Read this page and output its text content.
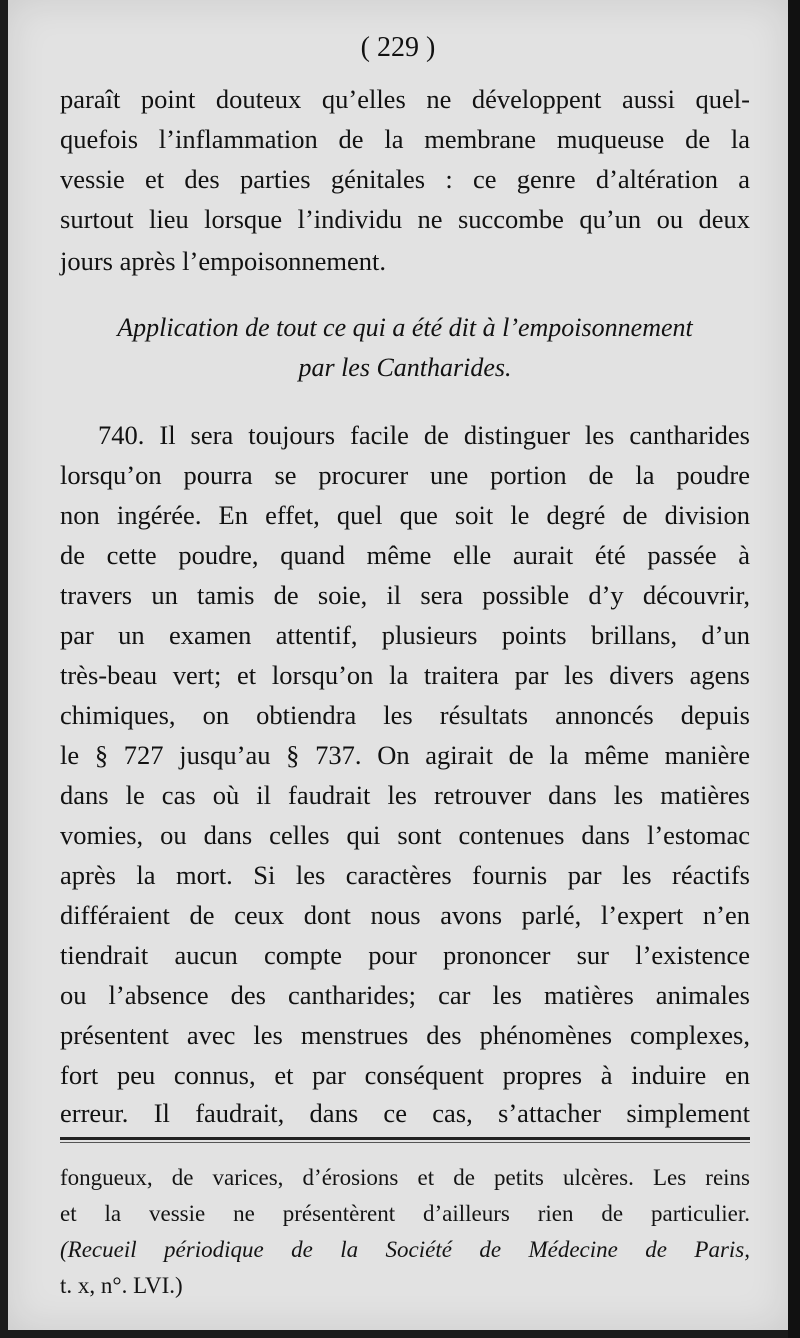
( 229 )
paraît point douteux qu’elles ne développent aussi quel-
quefois l’inflammation de la membrane muqueuse de la
vessie et des parties génitales : ce genre d’altération a
surtout lieu lorsque l’individu ne succombe qu’un ou deux
jours après l’empoisonnement.
Application de tout ce qui a été dit à l’empoisonnement
par les Cantharides.
740. Il sera toujours facile de distinguer les cantharides
lorsqu’on pourra se procurer une portion de la poudre
non ingérée. En effet, quel que soit le degré de division
de cette poudre, quand même elle aurait été passée à
travers un tamis de soie, il sera possible d’y découvrir,
par un examen attentif, plusieurs points brillans, d’un
très-beau vert; et lorsqu’on la traitera par les divers agens
chimiques, on obtiendra les résultats annoncés depuis
le § 727 jusqu’au § 737. On agirait de la même manière
dans le cas où il faudrait les retrouver dans les matières
vomies, ou dans celles qui sont contenues dans l’estomac
après la mort. Si les caractères fournis par les réactifs
différaient de ceux dont nous avons parlé, l’expert n’en
tiendrait aucun compte pour prononcer sur l’existence
ou l’absence des cantharides; car les matières animales
présentent avec les menstrues des phénomènes complexes,
fort peu connus, et par conséquent propres à induire en
erreur. Il faudrait, dans ce cas, s’attacher simplement
fongueux, de varices, d’érosions et de petits ulcères. Les reins
et la vessie ne présentèrent d’ailleurs rien de particulier.
(Recueil périodique de la Société de Médecine de Paris,
t. x, n°. LVI.)
